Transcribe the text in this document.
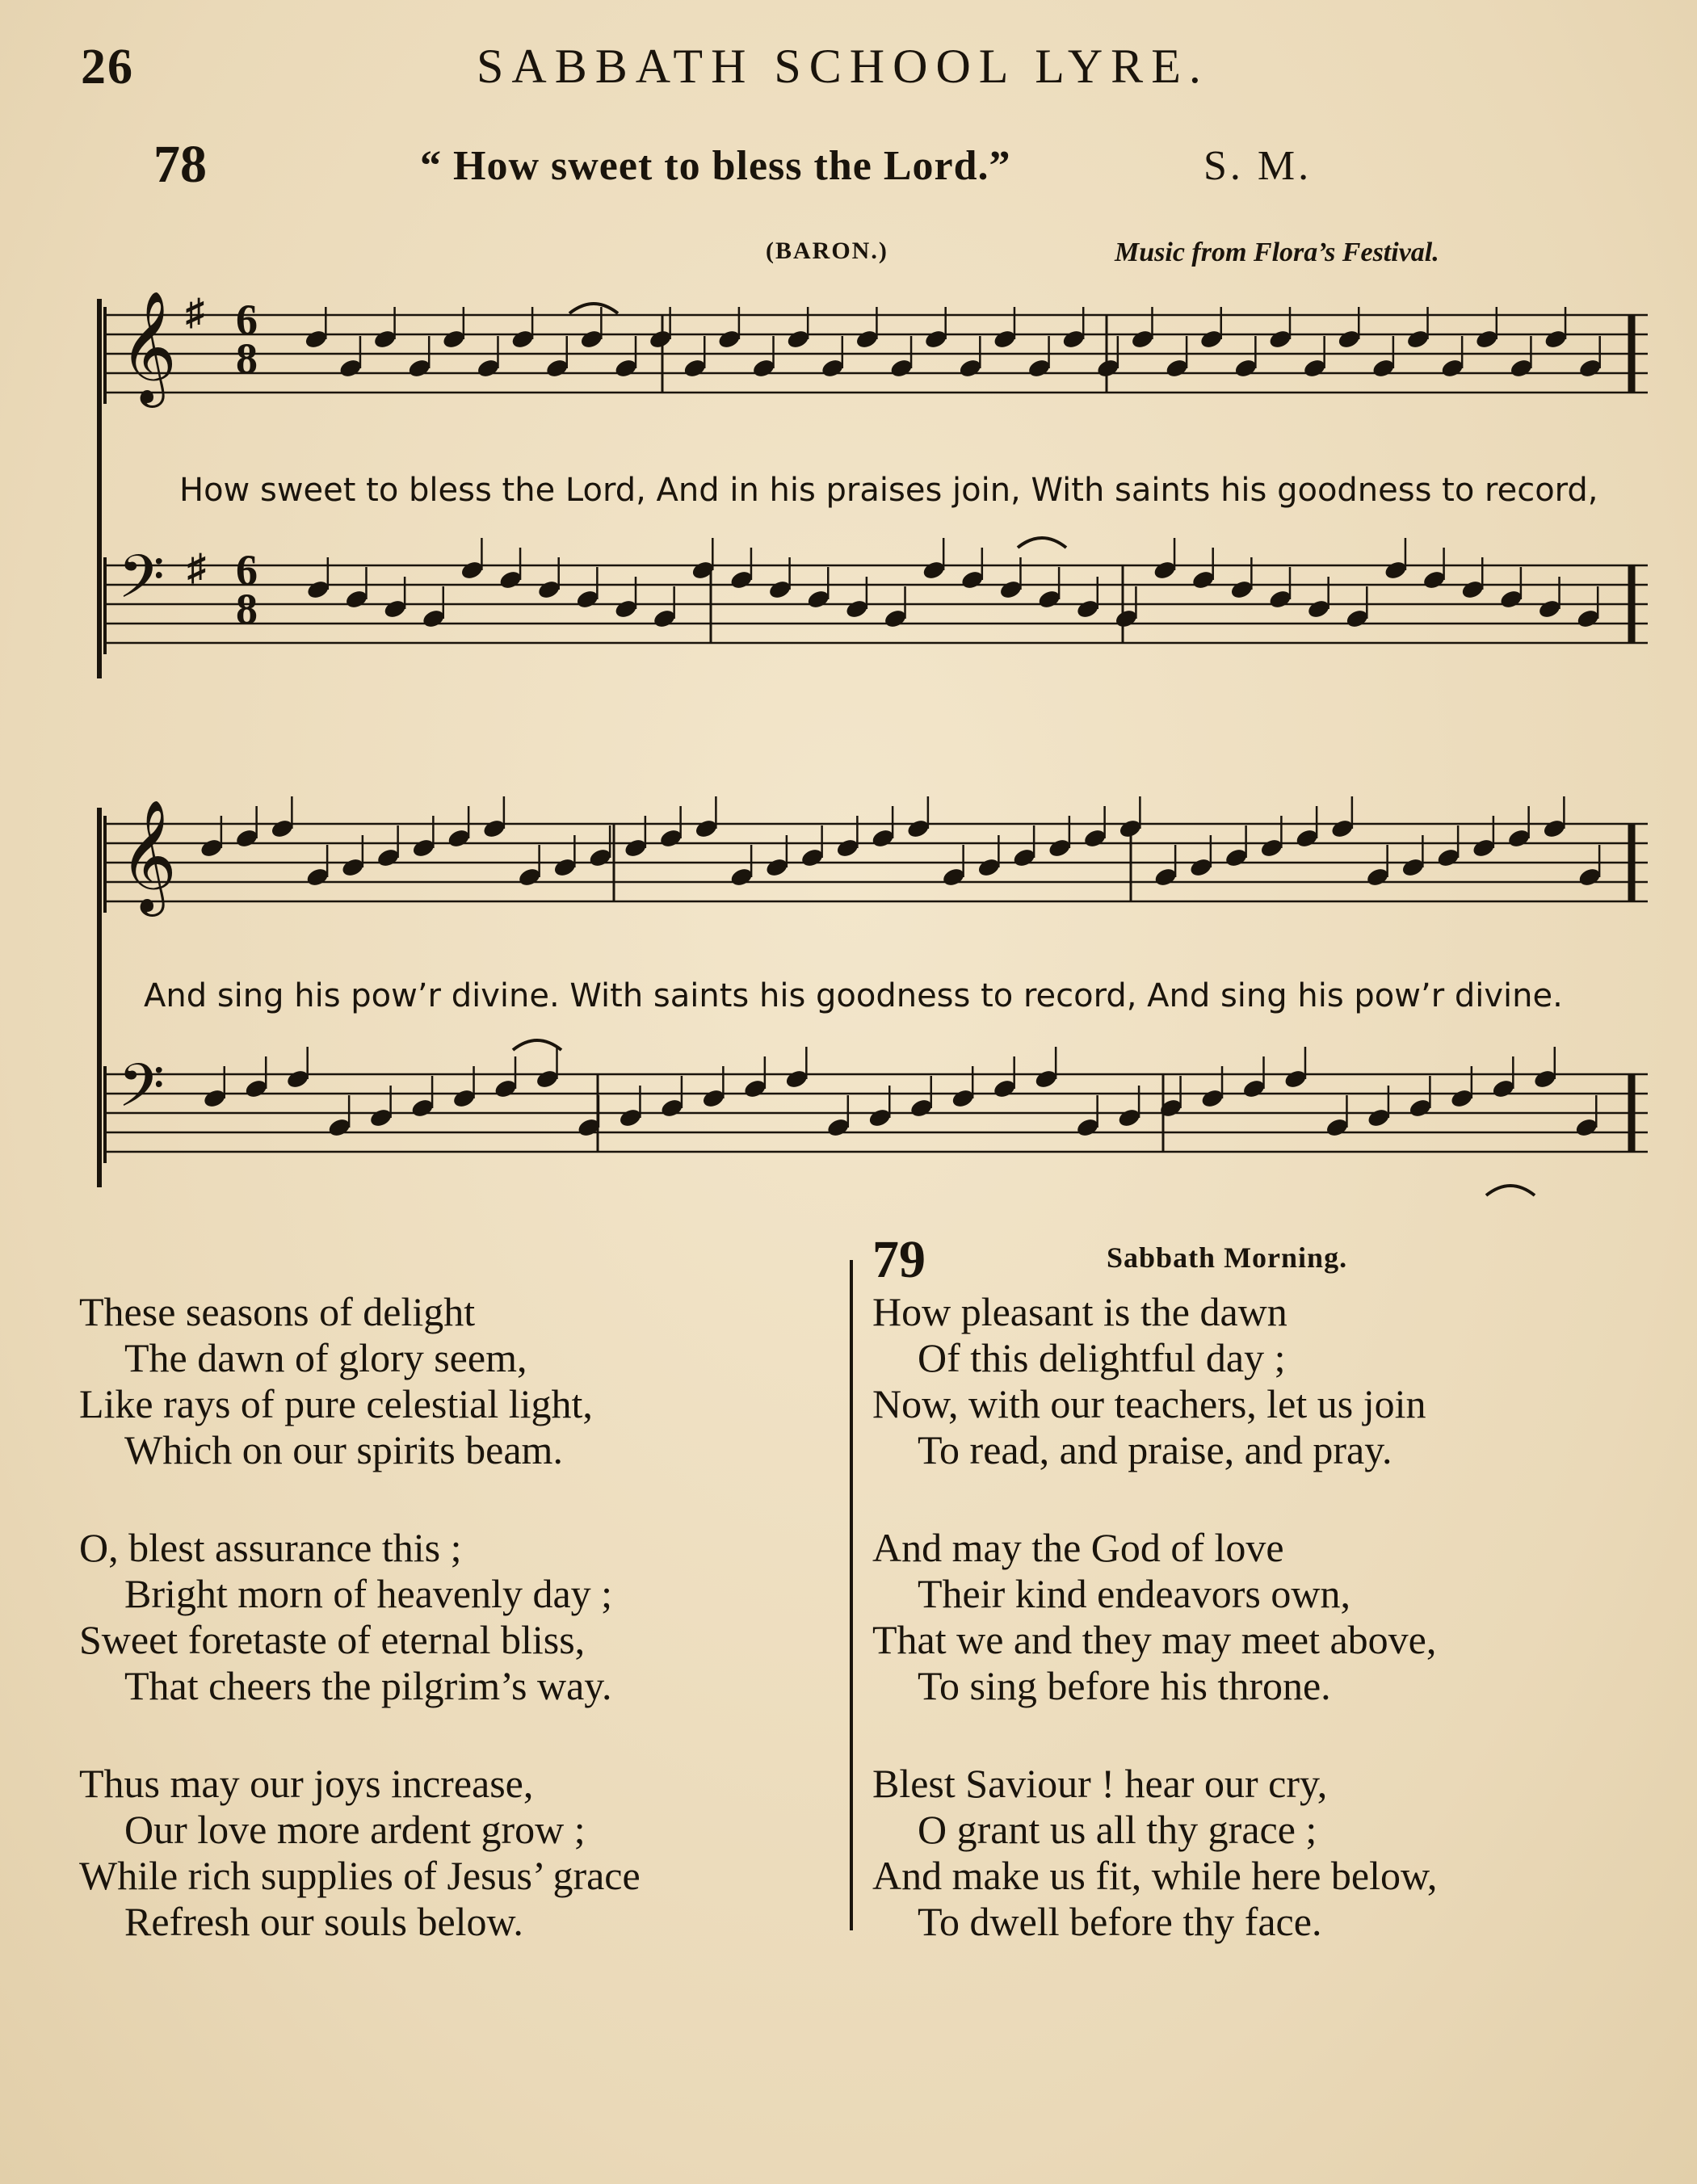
26	SABBATH SCHOOL LYRE.
78	“ How sweet to bless the Lord.”	S. M.
(BARON.)	Music from Flora’s Festival.
𝄞 ♯ 6
8
How sweet to bless the Lord, And in his praises join, With saints his goodness to record,
𝄢 ♯ 6
8
𝄞
And sing his pow’r divine. With saints his goodness to record, And sing his pow’r divine.
𝄢
These seasons of delight
The dawn of glory seem,
Like rays of pure celestial light,
Which on our spirits beam.
O, blest assurance this ;
Bright morn of heavenly day ;
Sweet foretaste of eternal bliss,
That cheers the pilgrim’s way.
Thus may our joys increase,
Our love more ardent grow ;
While rich supplies of Jesus’ grace
Refresh our souls below.
79	Sabbath Morning.
How pleasant is the dawn
Of this delightful day ;
Now, with our teachers, let us join
To read, and praise, and pray.
And may the God of love
Their kind endeavors own,
That we and they may meet above,
To sing before his throne.
Blest Saviour ! hear our cry,
O grant us all thy grace ;
And make us fit, while here below,
To dwell before thy face.
